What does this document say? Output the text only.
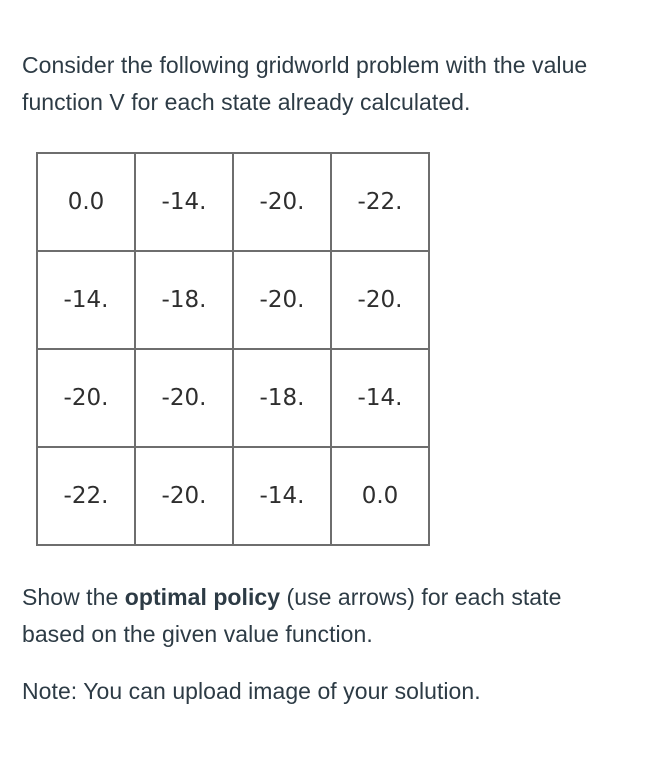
Consider the following gridworld problem with the value function V for each state already calculated.

0.0	-14.	-20.	-22.
-14.	-18.	-20.	-20.
-20.	-20.	-18.	-14.
-22.	-20.	-14.	0.0

Show the optimal policy (use arrows) for each state based on the given value function.

Note: You can upload image of your solution.
